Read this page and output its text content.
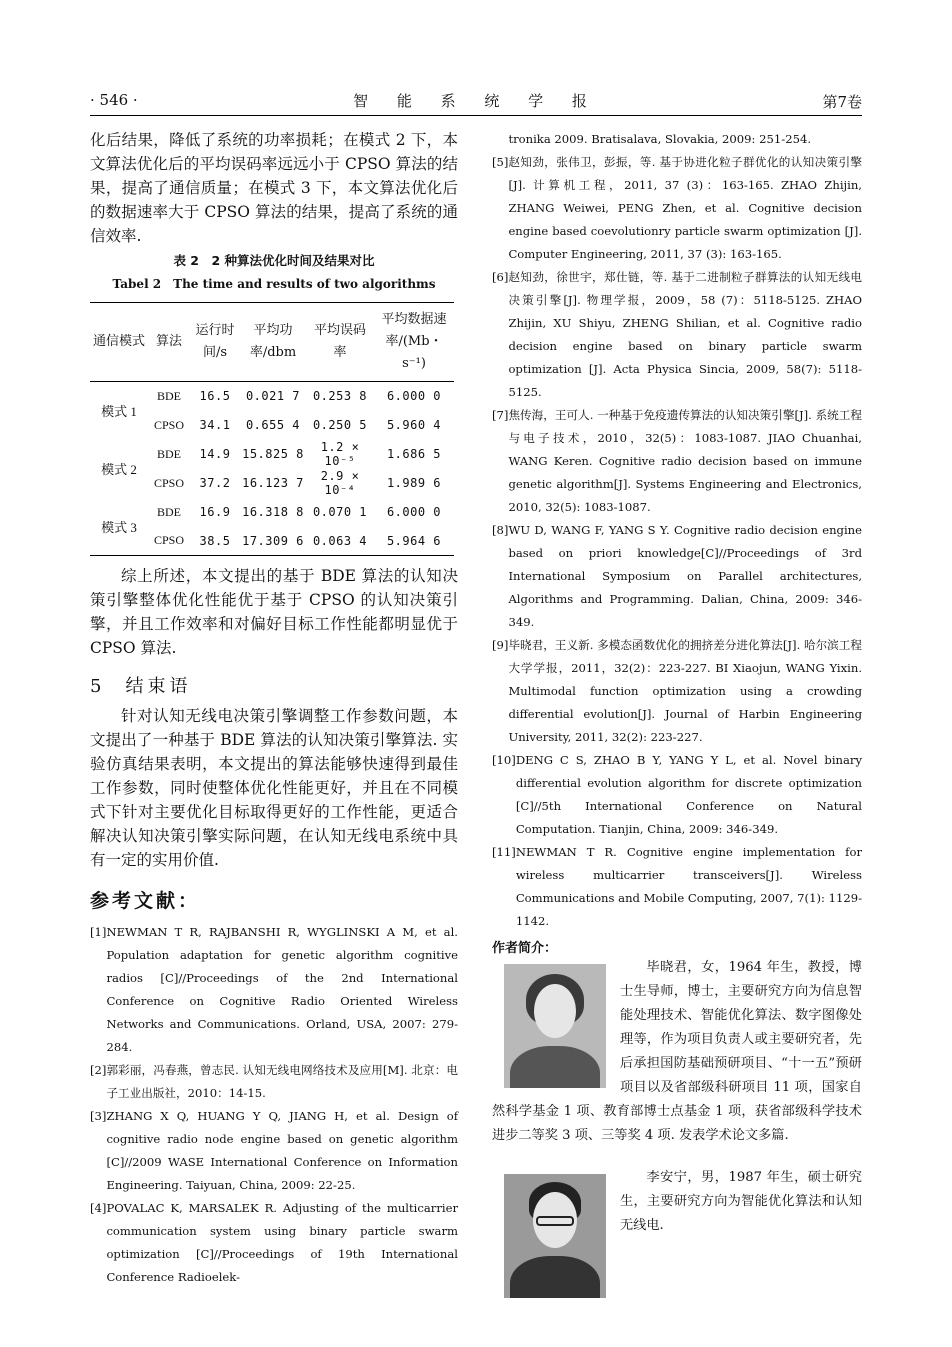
· 546 ·	智 能 系 统 学 报	第7卷

化后结果，降低了系统的功率损耗；在模式 2 下，本文算法优化后的平均误码率远远小于 CPSO 算法的结果，提高了通信质量；在模式 3 下，本文算法优化后的数据速率大于 CPSO 算法的结果，提高了系统的通信效率.

表 2　2 种算法优化时间及结果对比
Tabel 2　The time and results of two algorithms
通信模式	算法	运行时间/s	平均功率/dbm	平均误码率	平均数据速率/(Mb・s⁻¹)
模式 1	BDE	16.5	0.021 7	0.253 8	6.000 0
	CPSO	34.1	0.655 4	0.250 5	5.960 4
模式 2	BDE	14.9	15.825 8	1.2 × 10⁻⁵	1.686 5
	CPSO	37.2	16.123 7	2.9 × 10⁻⁴	1.989 6
模式 3	BDE	16.9	16.318 8	0.070 1	6.000 0
	CPSO	38.5	17.309 6	0.063 4	5.964 6

综上所述，本文提出的基于 BDE 算法的认知决策引擎整体优化性能优于基于 CPSO 的认知决策引擎，并且工作效率和对偏好目标工作性能都明显优于 CPSO 算法.

5 结束语

针对认知无线电决策引擎调整工作参数问题，本文提出了一种基于 BDE 算法的认知决策引擎算法. 实验仿真结果表明，本文提出的算法能够快速得到最佳工作参数，同时使整体优化性能更好，并且在不同模式下针对主要优化目标取得更好的工作性能，更适合解决认知决策引擎实际问题，在认知无线电系统中具有一定的实用价值.

参考文献：
[1] NEWMAN T R, RAJBANSHI R, WYGLINSKI A M, et al. Population adaptation for genetic algorithm cognitive radios [C]//Proceedings of the 2nd International Conference on Cognitive Radio Oriented Wireless Networks and Communications. Orland, USA, 2007: 279-284.
[2] 郭彩丽，冯春燕，曾志民. 认知无线电网络技术及应用[M]. 北京：电子工业出版社，2010：14-15.
[3] ZHANG X Q, HUANG Y Q, JIANG H, et al. Design of cognitive radio node engine based on genetic algorithm [C]//2009 WASE International Conference on Information Engineering. Taiyuan, China, 2009: 22-25.
[4] POVALAC K, MARSALEK R. Adjusting of the multicarrier communication system using binary particle swarm optimization [C]//Proceedings of 19th International Conference Radioelek-
tronika 2009. Bratisalava, Slovakia, 2009: 251-254.
[5] 赵知劲，张伟卫，彭振，等. 基于协进化粒子群优化的认知决策引擎[J]. 计算机工程，2011, 37 (3)：163-165. ZHAO Zhijin, ZHANG Weiwei, PENG Zhen, et al. Cognitive decision engine based coevolutionry particle swarm optimization [J]. Computer Engineering, 2011, 37 (3): 163-165.
[6] 赵知劲，徐世宇，郑仕链，等. 基于二进制粒子群算法的认知无线电决策引擎[J]. 物理学报，2009，58 (7)：5118-5125. ZHAO Zhijin, XU Shiyu, ZHENG Shilian, et al. Cognitive radio decision engine based on binary particle swarm optimization [J]. Acta Physica Sincia, 2009, 58(7): 5118-5125.
[7] 焦传海，王可人. 一种基于免疫遗传算法的认知决策引擎[J]. 系统工程与电子技术，2010，32(5)：1083-1087. JIAO Chuanhai, WANG Keren. Cognitive radio decision based on immune genetic algorithm[J]. Systems Engineering and Electronics, 2010, 32(5): 1083-1087.
[8] WU D, WANG F, YANG S Y. Cognitive radio decision engine based on priori knowledge[C]//Proceedings of 3rd International Symposium on Parallel architectures, Algorithms and Programming. Dalian, China, 2009: 346-349.
[9] 毕晓君，王义新. 多模态函数优化的拥挤差分进化算法[J]. 哈尔滨工程大学学报，2011，32(2)：223-227. BI Xiaojun, WANG Yixin. Multimodal function optimization using a crowding differential evolution[J]. Journal of Harbin Engineering University, 2011, 32(2): 223-227.
[10] DENG C S, ZHAO B Y, YANG Y L, et al. Novel binary differential evolution algorithm for discrete optimization [C]//5th International Conference on Natural Computation. Tianjin, China, 2009: 346-349.
[11] NEWMAN T R. Cognitive engine implementation for wireless multicarrier transceivers[J]. Wireless Communications and Mobile Computing, 2007, 7(1): 1129-1142.
作者简介：

毕晓君，女，1964 年生，教授，博士生导师，博士，主要研究方向为信息智能处理技术、智能优化算法、数字图像处理等，作为项目负责人或主要研究者，先后承担国防基础预研项目、“十一五”预研项目以及省部级科研项目 11 项，国家自然科学基金 1 项、教育部博士点基金 1 项，获省部级科学技术进步二等奖 3 项、三等奖 4 项. 发表学术论文多篇.

李安宁，男，1987 年生，硕士研究生，主要研究方向为智能优化算法和认知无线电.
